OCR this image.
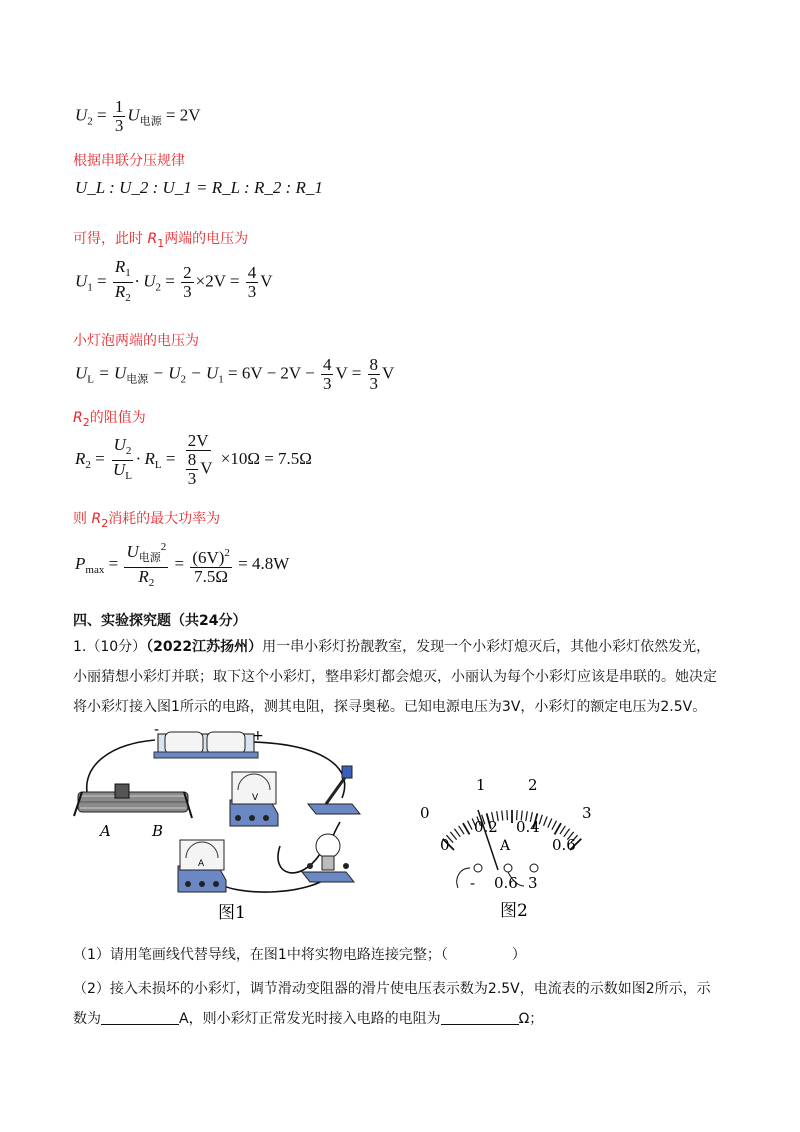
$U_2 = \frac{1}{3} U_{电源} = 2V$
根据串联分压规律
U_L : U_2 : U_1 = R_L : R_2 : R_1
可得，此时 $R_1$两端的电压为
$U_1 = \frac{R_1}{R_2} \cdot U_2 = \frac{2}{3} \times 2V = \frac{4}{3}$ V
小灯泡两端的电压为
$U_L = U_{电源} - U_2 - U_1 = 6V - 2V - \frac{4}{3}$ $V = \frac{8}{3}$ V
$R_2$的阻值为
$R_2 = \frac{U_2}{U_L} \cdot R_L = \frac{2V}{\frac{8}{3} V} \times 10\Omega = 7.5\Omega$
则 $R_2$消耗的最大功率为
$P_{max} = \frac{U_{电源}^2}{R_2} = \frac{(6V)^2}{7.5\Omega} = 4.8W$
四、实验探究题（共24分）
1.（10分）（2022江苏扬州）用一串小彩灯扮靓教室，发现一个小彩灯熄灭后，其他小彩灯依然发光，
小丽猜想小彩灯并联；取下这个小彩灯，整串彩灯都会熄灭，小丽认为每个小彩灯应该是串联的。她决定
将小彩灯接入图1所示的电路，测其电阻，探寻奥秘。已知电源电压为3V，小彩灯的额定电压为2.5V。
-	+
A	B
V
A
图1
0
1	2
3
0
0.2 0.4
0.6
A
- 0.6 3
图2
（1）请用笔画线代替导线，在图1中将实物电路连接完整；（	）
（2）接入未损坏的小彩灯，调节滑动变阻器的滑片使电压表示数为2.5V，电流表的示数如图2所示，示
数为	A，则小彩灯正常发光时接入电路的电阻为	Ω；
